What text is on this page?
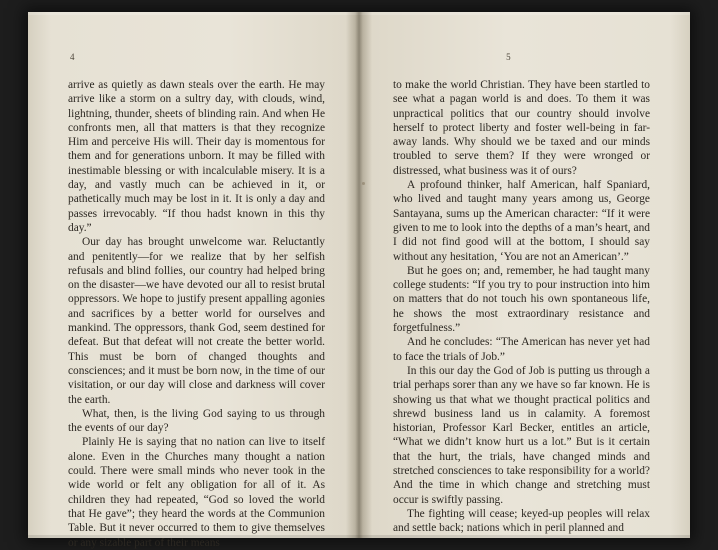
4

arrive as quietly as dawn steals over the earth. He may arrive like a storm on a sultry day, with clouds, wind, lightning, thunder, sheets of blinding rain. And when He confronts men, all that matters is that they recognize Him and perceive His will. Their day is momentous for them and for generations unborn. It may be filled with inestimable blessing or with incalculable misery. It is a day, and vastly much can be achieved in it, or pathetically much may be lost in it. It is only a day and passes irrevocably. “If thou hadst known in this thy day.”

Our day has brought unwelcome war. Reluctantly and penitently—for we realize that by her selfish refusals and blind follies, our country had helped bring on the disaster—we have devoted our all to resist brutal oppressors. We hope to justify present appalling agonies and sacrifices by a better world for ourselves and mankind. The oppressors, thank God, seem destined for defeat. But that defeat will not create the better world. This must be born of changed thoughts and consciences; and it must be born now, in the time of our visitation, or our day will close and darkness will cover the earth.

What, then, is the living God saying to us through the events of our day?

Plainly He is saying that no nation can live to itself alone. Even in the Churches many thought a nation could. There were small minds who never took in the wide world or felt any obligation for all of it. As children they had repeated, “God so loved the world that He gave”; they heard the words at the Communion Table. But it never occurred to them to give themselves or any sizable part of their means

5

to make the world Christian. They have been startled to see what a pagan world is and does. To them it was unpractical politics that our country should involve herself to protect liberty and foster well-being in far-away lands. Why should we be taxed and our minds troubled to serve them? If they were wronged or distressed, what business was it of ours?

A profound thinker, half American, half Spaniard, who lived and taught many years among us, George Santayana, sums up the American character: “If it were given to me to look into the depths of a man’s heart, and I did not find good will at the bottom, I should say without any hesitation, ‘You are not an American’.”

But he goes on; and, remember, he had taught many college students: “If you try to pour instruction into him on matters that do not touch his own spontaneous life, he shows the most extraordinary resistance and forgetfulness.”

And he concludes: “The American has never yet had to face the trials of Job.”

In this our day the God of Job is putting us through a trial perhaps sorer than any we have so far known. He is showing us that what we thought practical politics and shrewd business land us in calamity. A foremost historian, Professor Karl Becker, entitles an article, “What we didn’t know hurt us a lot.” But is it certain that the hurt, the trials, have changed minds and stretched consciences to take responsibility for a world? And the time in which change and stretching must occur is swiftly passing.

The fighting will cease; keyed-up peoples will relax and settle back; nations which in peril planned and
